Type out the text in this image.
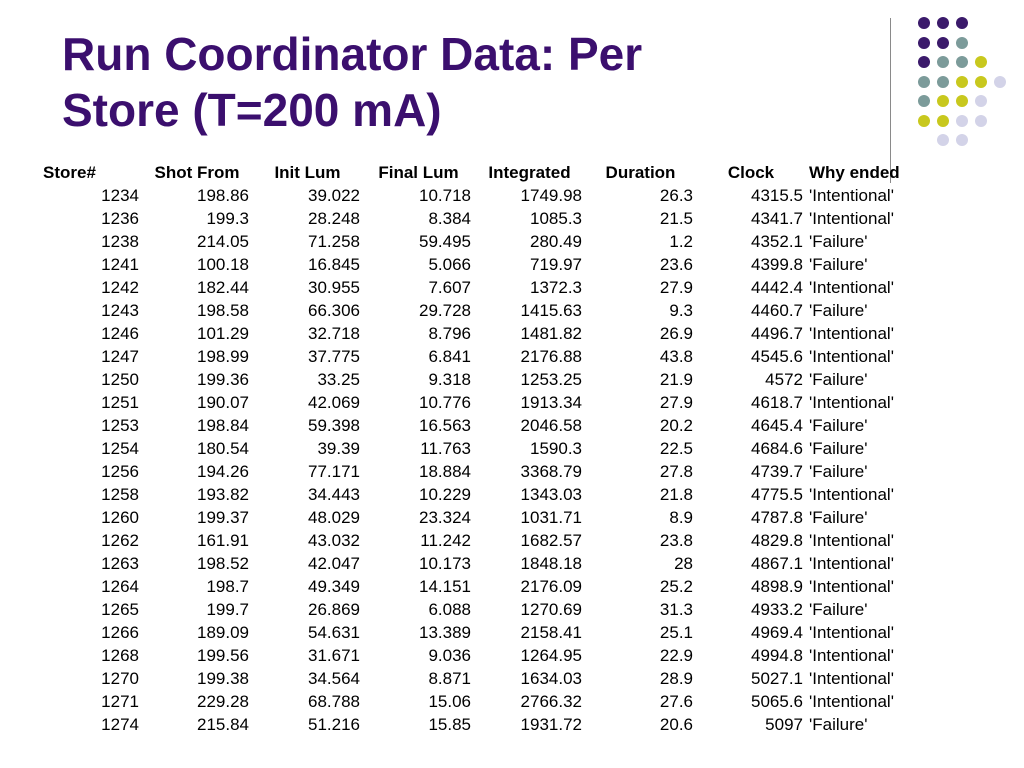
Run Coordinator Data: Per
Store (T=200 mA)
Store#	Shot From	Init Lum	Final Lum	Integrated	Duration	Clock	Why ended
1234	198.86	39.022	10.718	1749.98	26.3	4315.5	'Intentional'
1236	199.3	28.248	8.384	1085.3	21.5	4341.7	'Intentional'
1238	214.05	71.258	59.495	280.49	1.2	4352.1	'Failure'
1241	100.18	16.845	5.066	719.97	23.6	4399.8	'Failure'
1242	182.44	30.955	7.607	1372.3	27.9	4442.4	'Intentional'
1243	198.58	66.306	29.728	1415.63	9.3	4460.7	'Failure'
1246	101.29	32.718	8.796	1481.82	26.9	4496.7	'Intentional'
1247	198.99	37.775	6.841	2176.88	43.8	4545.6	'Intentional'
1250	199.36	33.25	9.318	1253.25	21.9	4572	'Failure'
1251	190.07	42.069	10.776	1913.34	27.9	4618.7	'Intentional'
1253	198.84	59.398	16.563	2046.58	20.2	4645.4	'Failure'
1254	180.54	39.39	11.763	1590.3	22.5	4684.6	'Failure'
1256	194.26	77.171	18.884	3368.79	27.8	4739.7	'Failure'
1258	193.82	34.443	10.229	1343.03	21.8	4775.5	'Intentional'
1260	199.37	48.029	23.324	1031.71	8.9	4787.8	'Failure'
1262	161.91	43.032	11.242	1682.57	23.8	4829.8	'Intentional'
1263	198.52	42.047	10.173	1848.18	28	4867.1	'Intentional'
1264	198.7	49.349	14.151	2176.09	25.2	4898.9	'Intentional'
1265	199.7	26.869	6.088	1270.69	31.3	4933.2	'Failure'
1266	189.09	54.631	13.389	2158.41	25.1	4969.4	'Intentional'
1268	199.56	31.671	9.036	1264.95	22.9	4994.8	'Intentional'
1270	199.38	34.564	8.871	1634.03	28.9	5027.1	'Intentional'
1271	229.28	68.788	15.06	2766.32	27.6	5065.6	'Intentional'
1274	215.84	51.216	15.85	1931.72	20.6	5097	'Failure'
